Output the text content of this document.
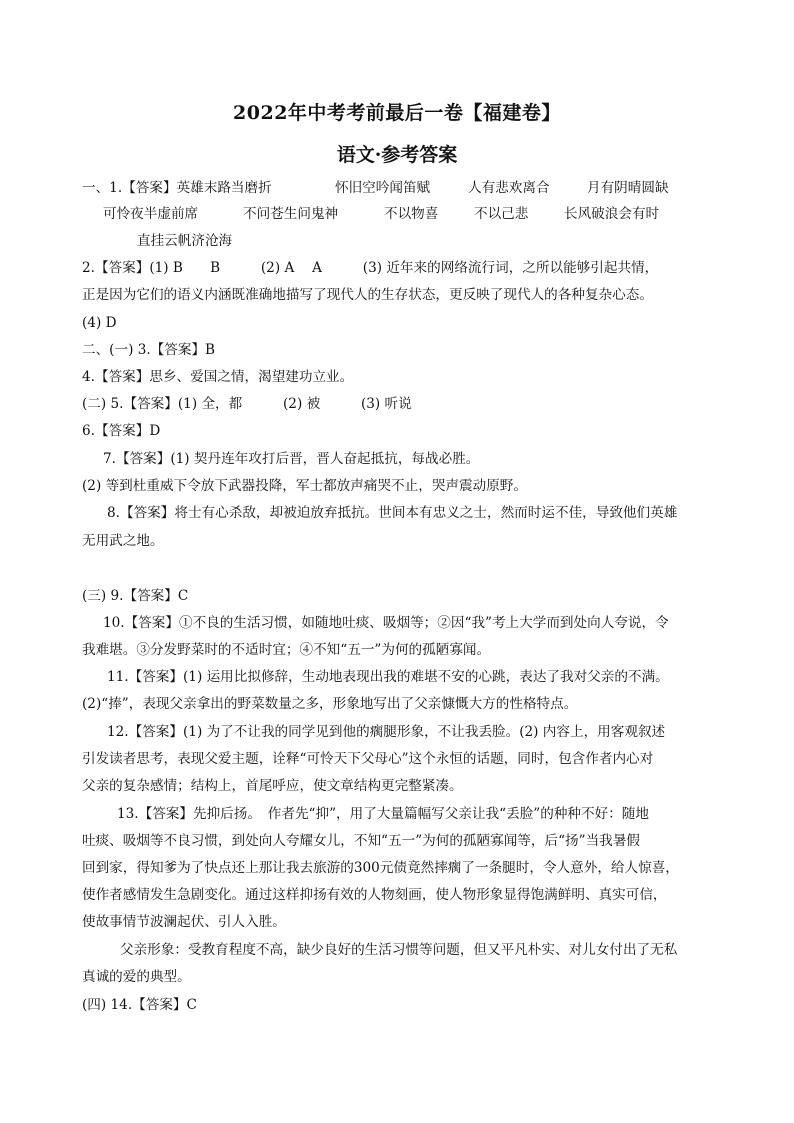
2022年中考考前最后一卷【福建卷】
语文·参考答案
一、1.【答案】英雄末路当磨折	怀旧空吟闻笛赋	人有悲欢离合	月有阴晴圆缺
可怜夜半虚前席	不问苍生问鬼神	不以物喜	不以己悲	长风破浪会有时
直挂云帆济沧海
2.【答案】(1) B　　B　　　(2) A　 A　　　(3) 近年来的网络流行词，之所以能够引起共情，
正是因为它们的语义内涵既准确地描写了现代人的生存状态，更反映了现代人的各种复杂心态。
(4) D
二、(一) 3.【答案】B
4.【答案】思乡、爱国之情，渴望建功立业。
(二) 5.【答案】(1) 全，都　　　(2) 被　　　(3) 听说
6.【答案】D
7.【答案】(1) 契丹连年攻打后晋，晋人奋起抵抗，每战必胜。
(2) 等到杜重威下令放下武器投降，军士都放声痛哭不止，哭声震动原野。
8.【答案】将士有心杀敌，却被迫放弃抵抗。世间本有忠义之士，然而时运不佳，导致他们英雄
无用武之地。
(三) 9.【答案】C
10.【答案】①不良的生活习惯，如随地吐痰、吸烟等；②因“我”考上大学而到处向人夸说，令
我难堪。③分发野菜时的不适时宜；④不知“五一”为何的孤陋寡闻。
11.【答案】(1) 运用比拟修辞，生动地表现出我的难堪不安的心跳，表达了我对父亲的不满。
(2)“捧”，表现父亲拿出的野菜数量之多，形象地写出了父亲慷慨大方的性格特点。
12.【答案】(1) 为了不让我的同学见到他的瘸腿形象，不让我丢脸。(2) 内容上，用客观叙述
引发读者思考，表现父爱主题，诠释“可怜天下父母心”这个永恒的话题，同时，包含作者内心对
父亲的复杂感情；结构上，首尾呼应，使文章结构更完整紧凑。
13.【答案】先抑后扬。　作者先“抑”，用了大量篇幅写父亲让我“丢脸”的种种不好：随地
吐痰、吸烟等不良习惯，到处向人夸耀女儿，不知“五一”为何的孤陋寡闻等，后“扬”当我暑假
回到家，得知爹为了快点还上那让我去旅游的300元债竟然摔瘸了一条腿时，令人意外，给人惊喜，
使作者感情发生急剧变化。通过这样抑扬有效的人物刻画，使人物形象显得饱满鲜明、真实可信，
使故事情节波澜起伏、引人入胜。
父亲形象：受教育程度不高，缺少良好的生活习惯等问题，但又平凡朴实、对儿女付出了无私
真诚的爱的典型。
(四) 14.【答案】C
